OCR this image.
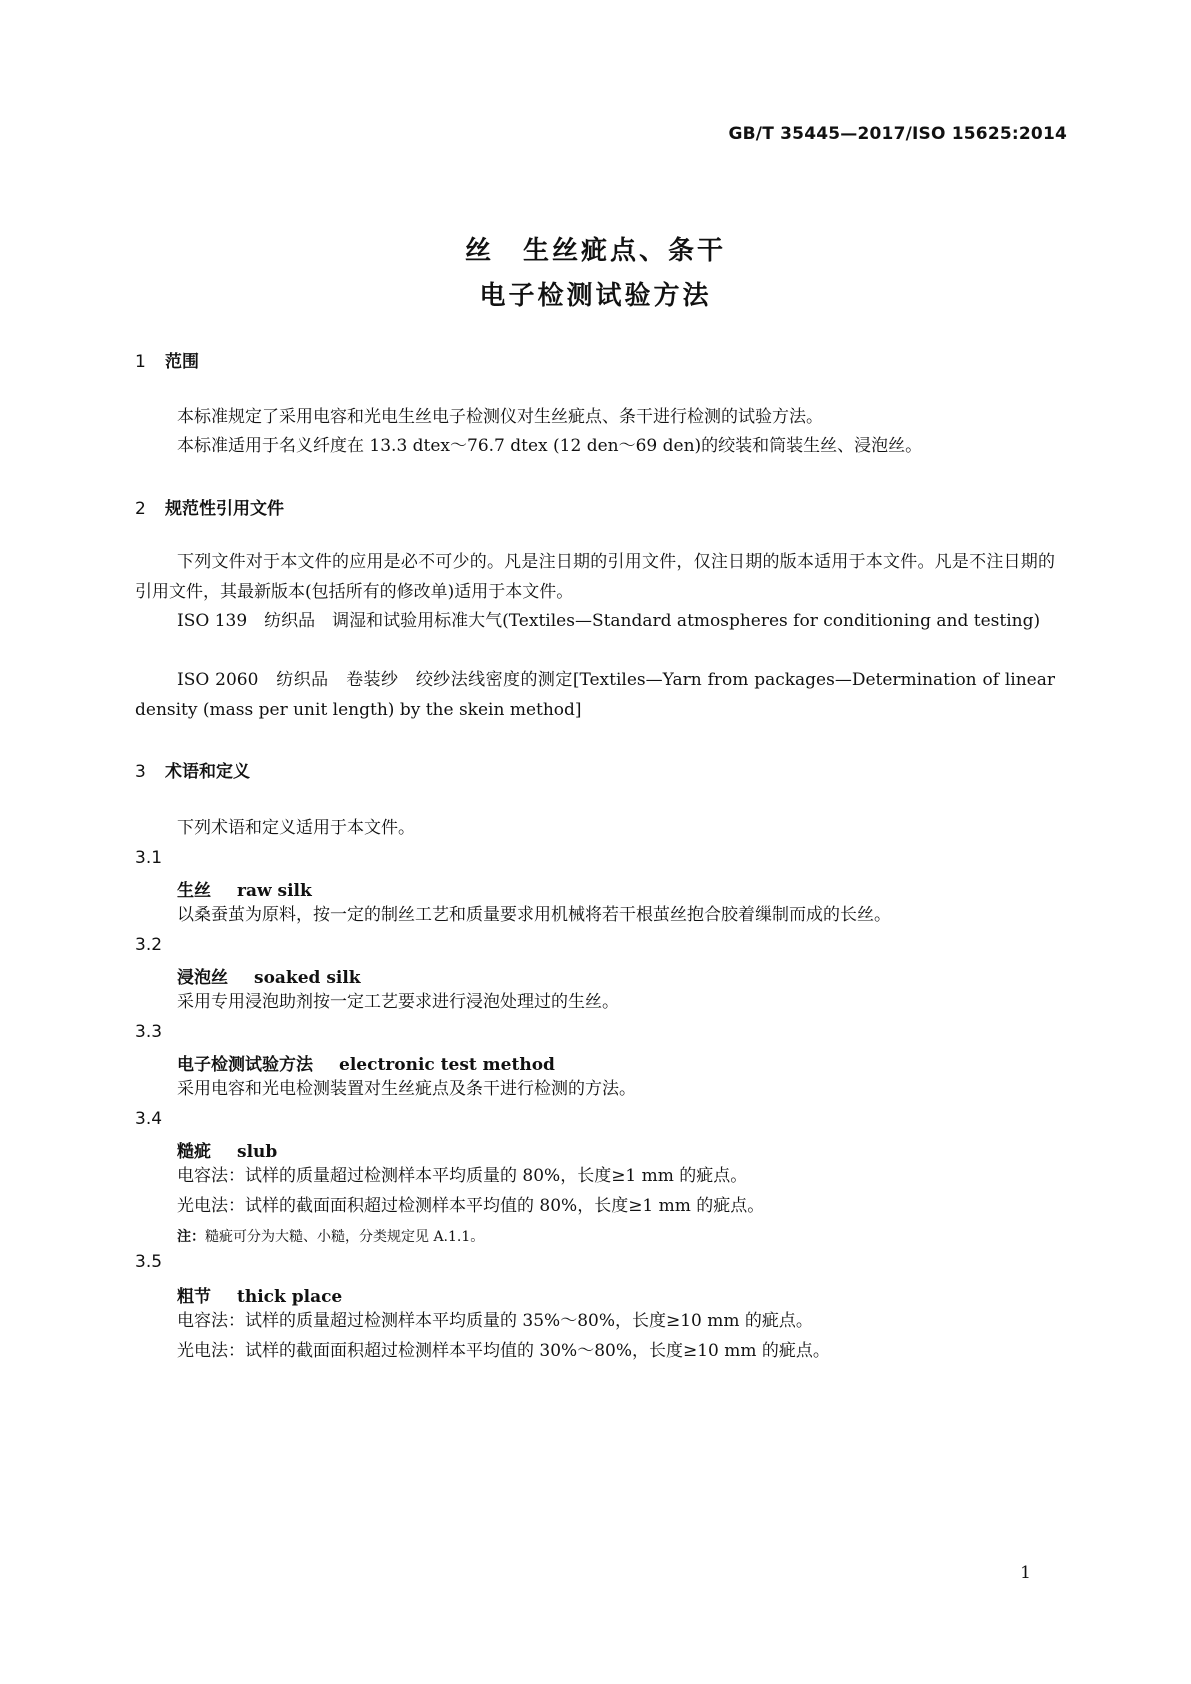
GB/T 35445—2017/ISO 15625:2014
丝　生丝疵点、条干
电子检测试验方法
1 范围
本标准规定了采用电容和光电生丝电子检测仪对生丝疵点、条干进行检测的试验方法。
本标准适用于名义纤度在 13.3 dtex～76.7 dtex (12 den～69 den)的绞装和筒装生丝、浸泡丝。
2 规范性引用文件
下列文件对于本文件的应用是必不可少的。凡是注日期的引用文件，仅注日期的版本适用于本文件。凡是不注日期的引用文件，其最新版本(包括所有的修改单)适用于本文件。
ISO 139　纺织品　调湿和试验用标准大气(Textiles—Standard atmospheres for conditioning and testing)
ISO 2060　纺织品　卷装纱　绞纱法线密度的测定[Textiles—Yarn from packages—Determination of linear density (mass per unit length) by the skein method]
3 术语和定义
下列术语和定义适用于本文件。
3.1
生丝 raw silk
以桑蚕茧为原料，按一定的制丝工艺和质量要求用机械将若干根茧丝抱合胶着缫制而成的长丝。
3.2
浸泡丝 soaked silk
采用专用浸泡助剂按一定工艺要求进行浸泡处理过的生丝。
3.3
电子检测试验方法 electronic test method
采用电容和光电检测装置对生丝疵点及条干进行检测的方法。
3.4
糙疵 slub
电容法：试样的质量超过检测样本平均质量的 80%，长度≥1 mm 的疵点。
光电法：试样的截面面积超过检测样本平均值的 80%，长度≥1 mm 的疵点。
注：糙疵可分为大糙、小糙，分类规定见 A.1.1。
3.5
粗节 thick place
电容法：试样的质量超过检测样本平均质量的 35%～80%，长度≥10 mm 的疵点。
光电法：试样的截面面积超过检测样本平均值的 30%～80%，长度≥10 mm 的疵点。
1
